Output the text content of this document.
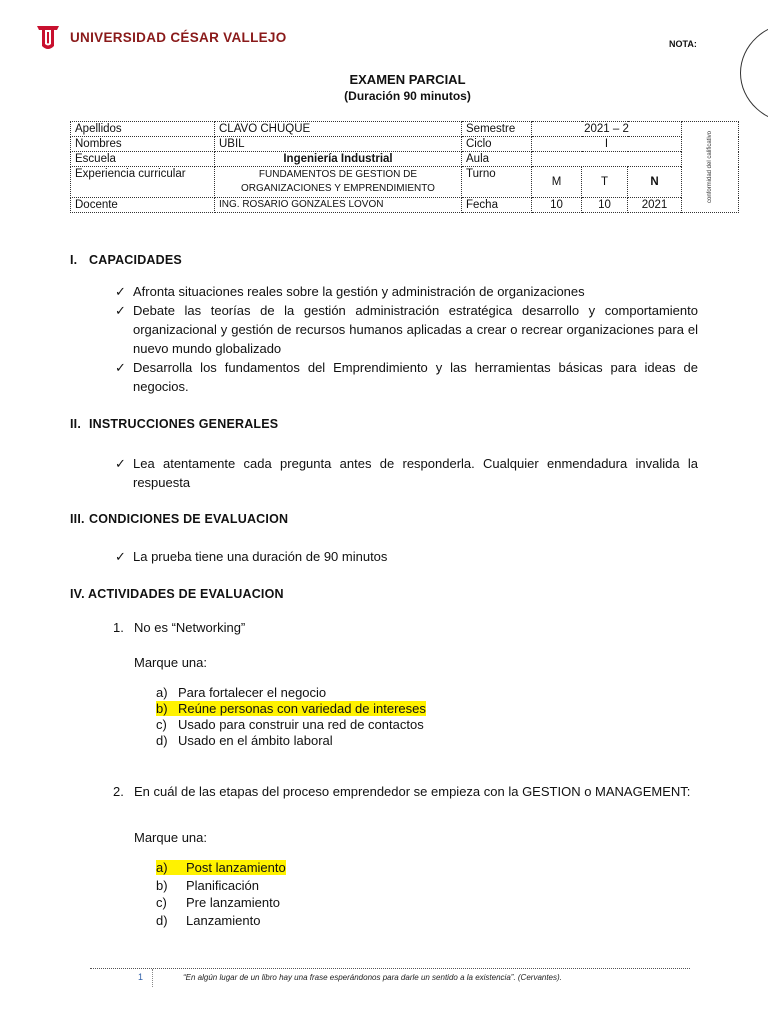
UNIVERSIDAD CÉSAR VALLEJO	NOTA:
EXAMEN PARCIAL
(Duración 90 minutos)
Apellidos	CLAVO CHUQUE	Semestre	2021 – 2			conformidad del calificativo

Nombres	UBIL	Ciclo	I			
Escuela	Ingeniería Industrial	Aula				
Experiencia curricular	FUNDAMENTOS DE GESTION DE ORGANIZACIONES Y EMPRENDIMIENTO	Turno	M	T	N	
Docente	ING. ROSARIO GONZALES LOVON	Fecha	10	10	2021	
I. CAPACIDADES
✓ Afronta situaciones reales sobre la gestión y administración de organizaciones
✓ Debate las teorías de la gestión administración estratégica desarrollo y comportamiento organizacional y gestión de recursos humanos aplicadas a crear o recrear organizaciones para el nuevo mundo globalizado
✓ Desarrolla los fundamentos del Emprendimiento y las herramientas básicas para ideas de negocios.
II. INSTRUCCIONES GENERALES
✓ Lea atentamente cada pregunta antes de responderla. Cualquier enmendadura invalida la respuesta
III. CONDICIONES DE EVALUACION
✓ La prueba tiene una duración de 90 minutos
IV. ACTIVIDADES DE EVALUACION
1. No es “Networking”
Marque una:
a) Para fortalecer el negocio
b) Reúne personas con variedad de intereses
c) Usado para construir una red de contactos
d) Usado en el ámbito laboral
2. En cuál de las etapas del proceso emprendedor se empieza con la GESTION o MANAGEMENT:
Marque una:
a) Post lanzamiento
b) Planificación
c) Pre lanzamiento
d) Lanzamiento
1	“En algún lugar de un libro hay una frase esperándonos para darle un sentido a la existencia”. (Cervantes).
